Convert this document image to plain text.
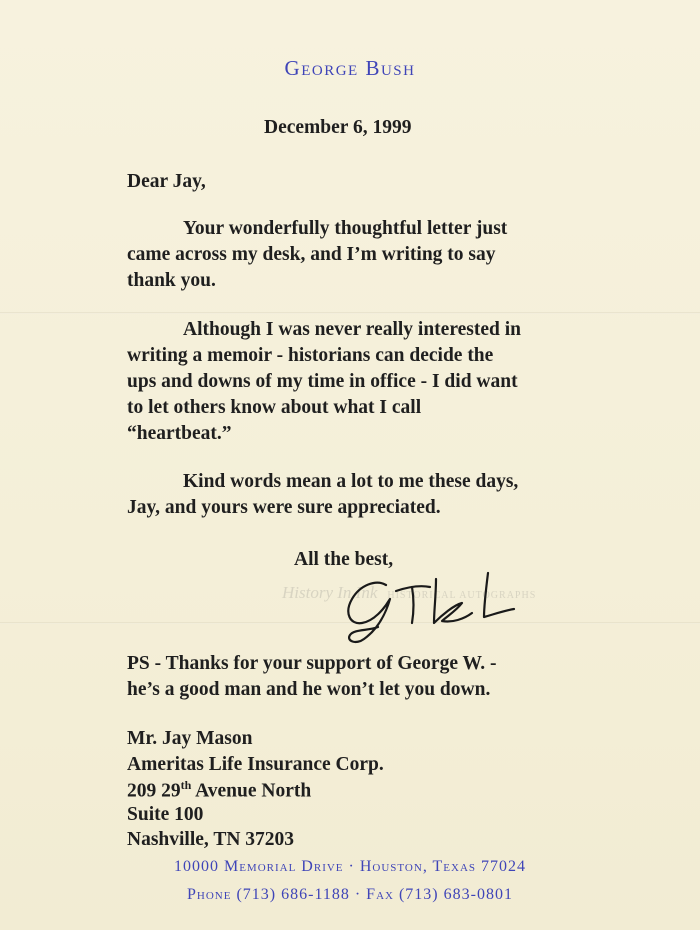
George Bush
December 6, 1999
Dear Jay,
Your wonderfully thoughtful letter just
came across my desk, and I’m writing to say
thank you.
Although I was never really interested in
writing a memoir - historians can decide the
ups and downs of my time in office - I did want
to let others know about what I call
“heartbeat.”
Kind words mean a lot to me these days,
Jay, and yours were sure appreciated.
All the best,
History In Ink HISTORICAL AUTOGRAPHS
PS - Thanks for your support of George W. -
he’s a good man and he won’t let you down.
Mr. Jay Mason
Ameritas Life Insurance Corp.
209 29th Avenue North
Suite 100
Nashville, TN 37203
10000 Memorial Drive · Houston, Texas 77024
Phone (713) 686-1188 · Fax (713) 683-0801
